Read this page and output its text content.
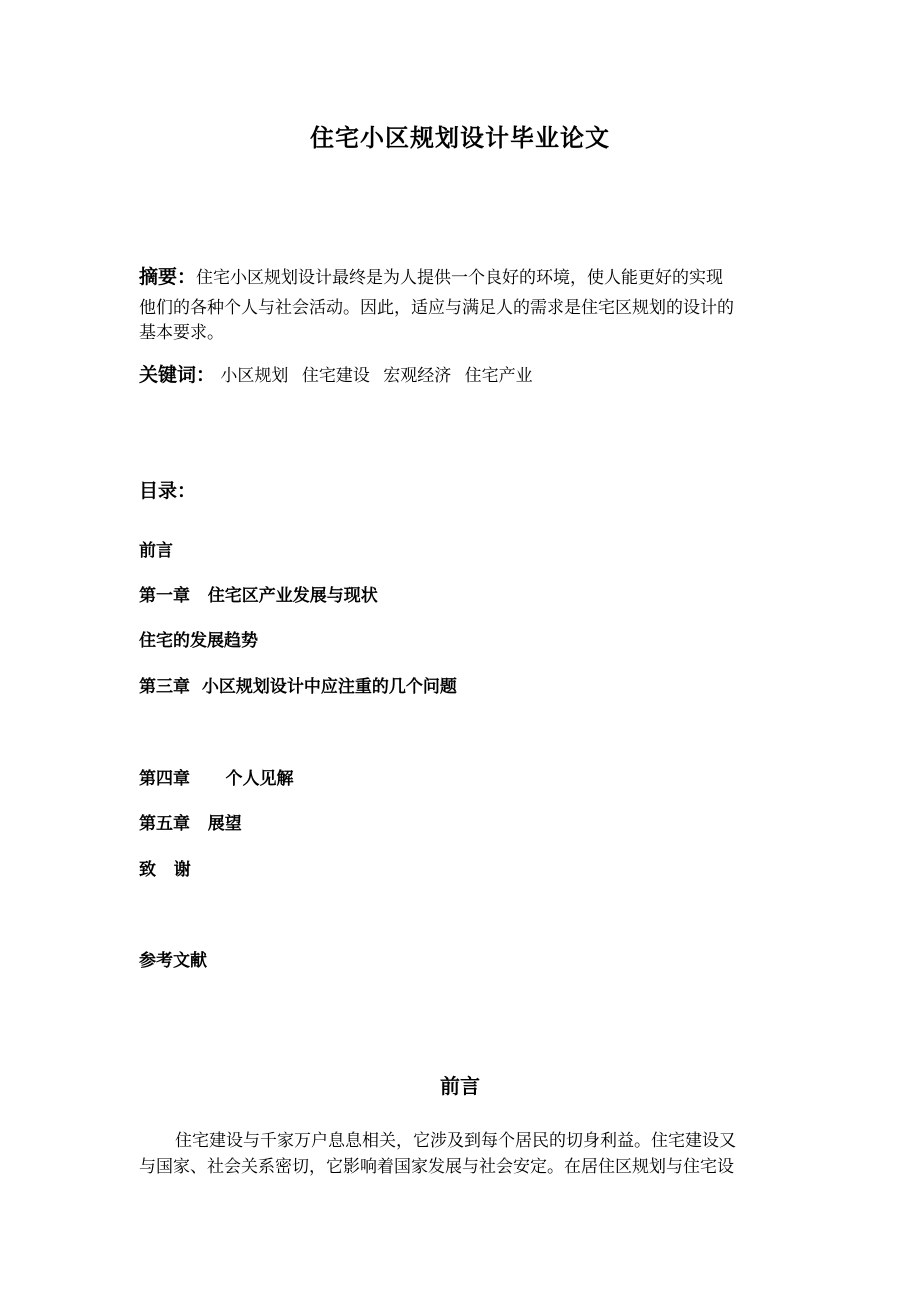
住宅小区规划设计毕业论文
摘要：住宅小区规划设计最终是为人提供一个良好的环境，使人能更好的实现
他们的各种个人与社会活动。因此，适应与满足人的需求是住宅区规划的设计的
基本要求。
关键词： 小区规划 住宅建设 宏观经济 住宅产业
目录：
前言
第一章   住宅区产业发展与现状
住宅的发展趋势
第三章  小区规划设计中应注重的几个问题
第四章      个人见解
第五章   展望
致   谢
参考文献
前言
住宅建设与千家万户息息相关，它涉及到每个居民的切身利益。住宅建设又
与国家、社会关系密切，它影响着国家发展与社会安定。在居住区规划与住宅设
